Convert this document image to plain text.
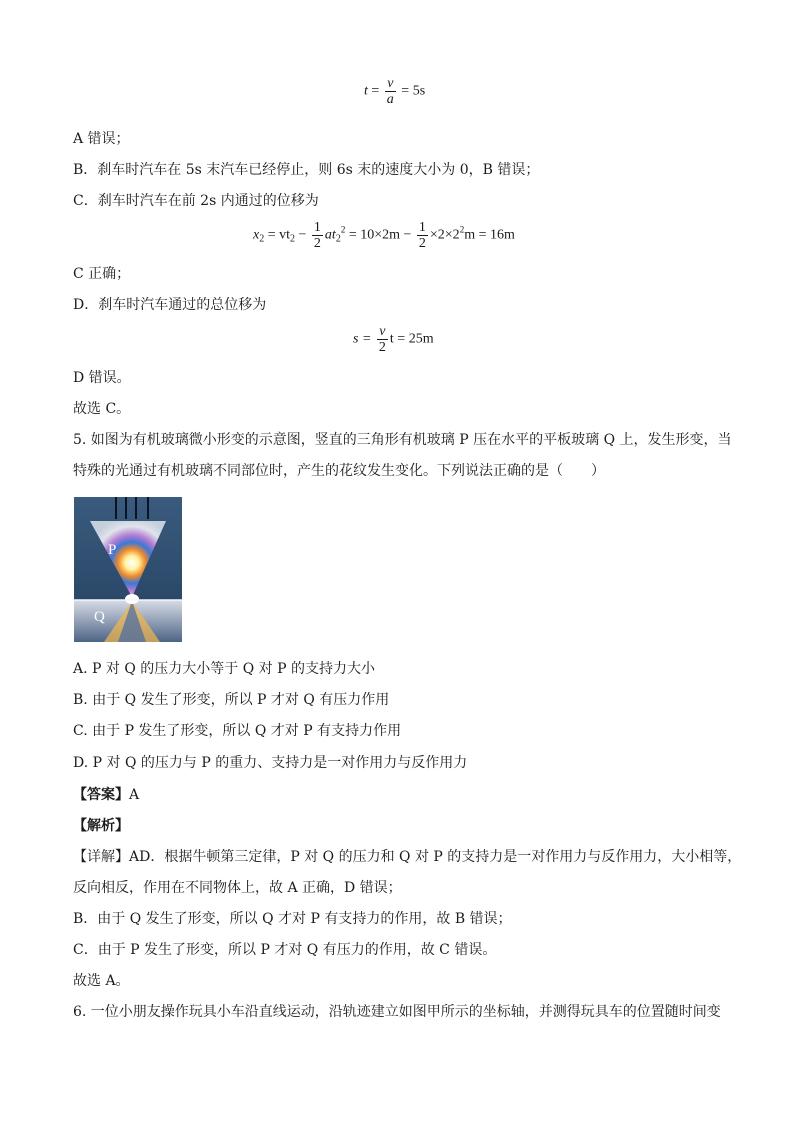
$t = \frac{v}{a} = 5s$
A 错误；
B．刹车时汽车在 5s 末汽车已经停止，则 6s 末的速度大小为 0，B 错误；
C．刹车时汽车在前 2s 内通过的位移为
$x_2 = vt_2 - \frac{1}{2} at_2^2 = 10\times 2m - \frac{1}{2} \times 2\times 2^2m = 16m$
C 正确；
D．刹车时汽车通过的总位移为
$s = \frac{v}{2}$ t = 25m
D 错误。
故选 C。
5. 如图为有机玻璃微小形变的示意图，竖直的三角形有机玻璃 P 压在水平的平板玻璃 Q 上，发生形变，当
特殊的光通过有机玻璃不同部位时，产生的花纹发生变化。下列说法正确的是（　　）
P
Q
A. P 对 Q 的压力大小等于 Q 对 P 的支持力大小
B. 由于 Q 发生了形变，所以 P 才对 Q 有压力作用
C. 由于 P 发生了形变，所以 Q 才对 P 有支持力作用
D. P 对 Q 的压力与 P 的重力、支持力是一对作用力与反作用力
【答案】A
【解析】
【详解】AD．根据牛顿第三定律，P 对 Q 的压力和 Q 对 P 的支持力是一对作用力与反作用力，大小相等，
反向相反，作用在不同物体上，故 A 正确，D 错误；
B．由于 Q 发生了形变，所以 Q 才对 P 有支持力的作用，故 B 错误；
C．由于 P 发生了形变，所以 P 才对 Q 有压力的作用，故 C 错误。
故选 A。
6. 一位小朋友操作玩具小车沿直线运动，沿轨迹建立如图甲所示的坐标轴，并测得玩具车的位置随时间变
